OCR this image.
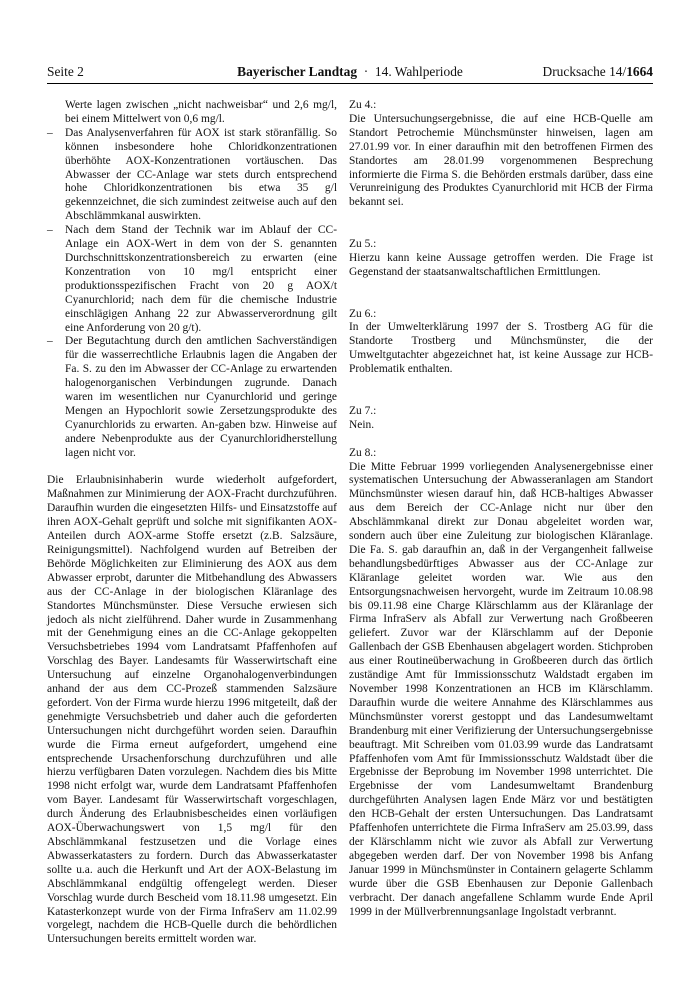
Seite 2	Bayerischer Landtag · 14. Wahlperiode	Drucksache 14/1664

Werte lagen zwischen „nicht nachweisbar“ und 2,6 mg/l, bei einem Mittelwert von 0,6 mg/l.

– Das Analysenverfahren für AOX ist stark störanfällig. So können insbesondere hohe Chloridkonzentrationen überhöhte AOX-Konzentrationen vortäuschen. Das Abwasser der CC-Anlage war stets durch entsprechend hohe Chloridkonzentrationen bis etwa 35 g/l gekennzeichnet, die sich zumindest zeitweise auch auf den Abschlämmkanal auswirkten.
– Nach dem Stand der Technik war im Ablauf der CC-Anlage ein AOX-Wert in dem von der S. genannten Durchschnittskonzentrationsbereich zu erwarten (eine Konzentration von 10 mg/l entspricht einer produktionsspezifischen Fracht von 20 g AOX/t Cyanurchlorid; nach dem für die chemische Industrie einschlägigen Anhang 22 zur Abwasserverordnung gilt eine Anforderung von 20 g/t).
– Der Begutachtung durch den amtlichen Sachverständigen für die wasserrechtliche Erlaubnis lagen die Angaben der Fa. S. zu den im Abwasser der CC-Anlage zu erwartenden halogenorganischen Verbindungen zugrunde. Danach waren im wesentlichen nur Cyanurchlorid und geringe Mengen an Hypochlorit sowie Zersetzungsprodukte des Cyanurchlorids zu erwarten. An-gaben bzw. Hinweise auf andere Nebenprodukte aus der Cyanurchloridherstellung lagen nicht vor.

Die Erlaubnisinhaberin wurde wiederholt aufgefordert, Maßnahmen zur Minimierung der AOX-Fracht durchzuführen. Daraufhin wurden die eingesetzten Hilfs- und Einsatzstoffe auf ihren AOX-Gehalt geprüft und solche mit signifikanten AOX-Anteilen durch AOX-arme Stoffe ersetzt (z.B. Salzsäure, Reinigungsmittel). Nachfolgend wurden auf Betreiben der Behörde Möglichkeiten zur Eliminierung des AOX aus dem Abwasser erprobt, darunter die Mitbehandlung des Abwassers aus der CC-Anlage in der biologischen Kläranlage des Standortes Münchsmünster. Diese Versuche erwiesen sich jedoch als nicht zielführend. Daher wurde in Zusammenhang mit der Genehmigung eines an die CC-Anlage gekoppelten Versuchsbetriebes 1994 vom Landratsamt Pfaffenhofen auf Vorschlag des Bayer. Landesamts für Wasserwirtschaft eine Untersuchung auf einzelne Organohalogenverbindungen anhand der aus dem CC-Prozeß stammenden Salzsäure gefordert. Von der Firma wurde hierzu 1996 mitgeteilt, daß der genehmigte Versuchsbetrieb und daher auch die geforderten Untersuchungen nicht durchgeführt worden seien. Daraufhin wurde die Firma erneut aufgefordert, umgehend eine entsprechende Ursachenforschung durchzuführen und alle hierzu verfügbaren Daten vorzulegen. Nachdem dies bis Mitte 1998 nicht erfolgt war, wurde dem Landratsamt Pfaffenhofen vom Bayer. Landesamt für Wasserwirtschaft vorgeschlagen, durch Änderung des Erlaubnisbescheides einen vorläufigen AOX-Überwachungswert von 1,5 mg/l für den Abschlämmkanal festzusetzen und die Vorlage eines Abwasserkatasters zu fordern. Durch das Abwasserkataster sollte u.a. auch die Herkunft und Art der AOX-Belastung im Abschlämmkanal endgültig offengelegt werden. Dieser Vorschlag wurde durch Bescheid vom 18.11.98 umgesetzt. Ein Katasterkonzept wurde von der Firma InfraServ am 11.02.99 vorgelegt, nachdem die HCB-Quelle durch die behördlichen Untersuchungen bereits ermittelt worden war.

Zu 4.:

Die Untersuchungsergebnisse, die auf eine HCB-Quelle am Standort Petrochemie Münchsmünster hinweisen, lagen am 27.01.99 vor. In einer daraufhin mit den betroffenen Firmen des Standortes am 28.01.99 vorgenommenen Besprechung informierte die Firma S. die Behörden erstmals darüber, dass eine Verunreinigung des Produktes Cyanurchlorid mit HCB der Firma bekannt sei.

Zu 5.:

Hierzu kann keine Aussage getroffen werden. Die Frage ist Gegenstand der staatsanwaltschaftlichen Ermittlungen.

Zu 6.:

In der Umwelterklärung 1997 der S. Trostberg AG für die Standorte Trostberg und Münchsmünster, die der Umweltgutachter abgezeichnet hat, ist keine Aussage zur HCB-Problematik enthalten.

Zu 7.:

Nein.

Zu 8.:

Die Mitte Februar 1999 vorliegenden Analysenergebnisse einer systematischen Untersuchung der Abwasseranlagen am Standort Münchsmünster wiesen darauf hin, daß HCB-haltiges Abwasser aus dem Bereich der CC-Anlage nicht nur über den Abschlämmkanal direkt zur Donau abgeleitet worden war, sondern auch über eine Zuleitung zur biologischen Kläranlage. Die Fa. S. gab daraufhin an, daß in der Vergangenheit fallweise behandlungsbedürftiges Abwasser aus der CC-Anlage zur Kläranlage geleitet worden war. Wie aus den Entsorgungsnachweisen hervorgeht, wurde im Zeitraum 10.08.98 bis 09.11.98 eine Charge Klärschlamm aus der Kläranlage der Firma InfraServ als Abfall zur Verwertung nach Großbeeren geliefert. Zuvor war der Klärschlamm auf der Deponie Gallenbach der GSB Ebenhausen abgelagert worden. Stichproben aus einer Routineüberwachung in Großbeeren durch das örtlich zuständige Amt für Immissionsschutz Waldstadt ergaben im November 1998 Konzentrationen an HCB im Klärschlamm. Daraufhin wurde die weitere Annahme des Klärschlammes aus Münchsmünster vorerst gestoppt und das Landesumweltamt Brandenburg mit einer Verifizierung der Untersuchungsergebnisse beauftragt. Mit Schreiben vom 01.03.99 wurde das Landratsamt Pfaffenhofen vom Amt für Immissionsschutz Waldstadt über die Ergebnisse der Beprobung im November 1998 unterrichtet. Die Ergebnisse der vom Landesumweltamt Brandenburg durchgeführten Analysen lagen Ende März vor und bestätigten den HCB-Gehalt der ersten Untersuchungen. Das Landratsamt Pfaffenhofen unterrichtete die Firma InfraServ am 25.03.99, dass der Klärschlamm nicht wie zuvor als Abfall zur Verwertung abgegeben werden darf. Der von November 1998 bis Anfang Januar 1999 in Münchsmünster in Containern gelagerte Schlamm wurde über die GSB Ebenhausen zur Deponie Gallenbach verbracht. Der danach angefallene Schlamm wurde Ende April 1999 in der Müllverbrennungsanlage Ingolstadt verbrannt.
